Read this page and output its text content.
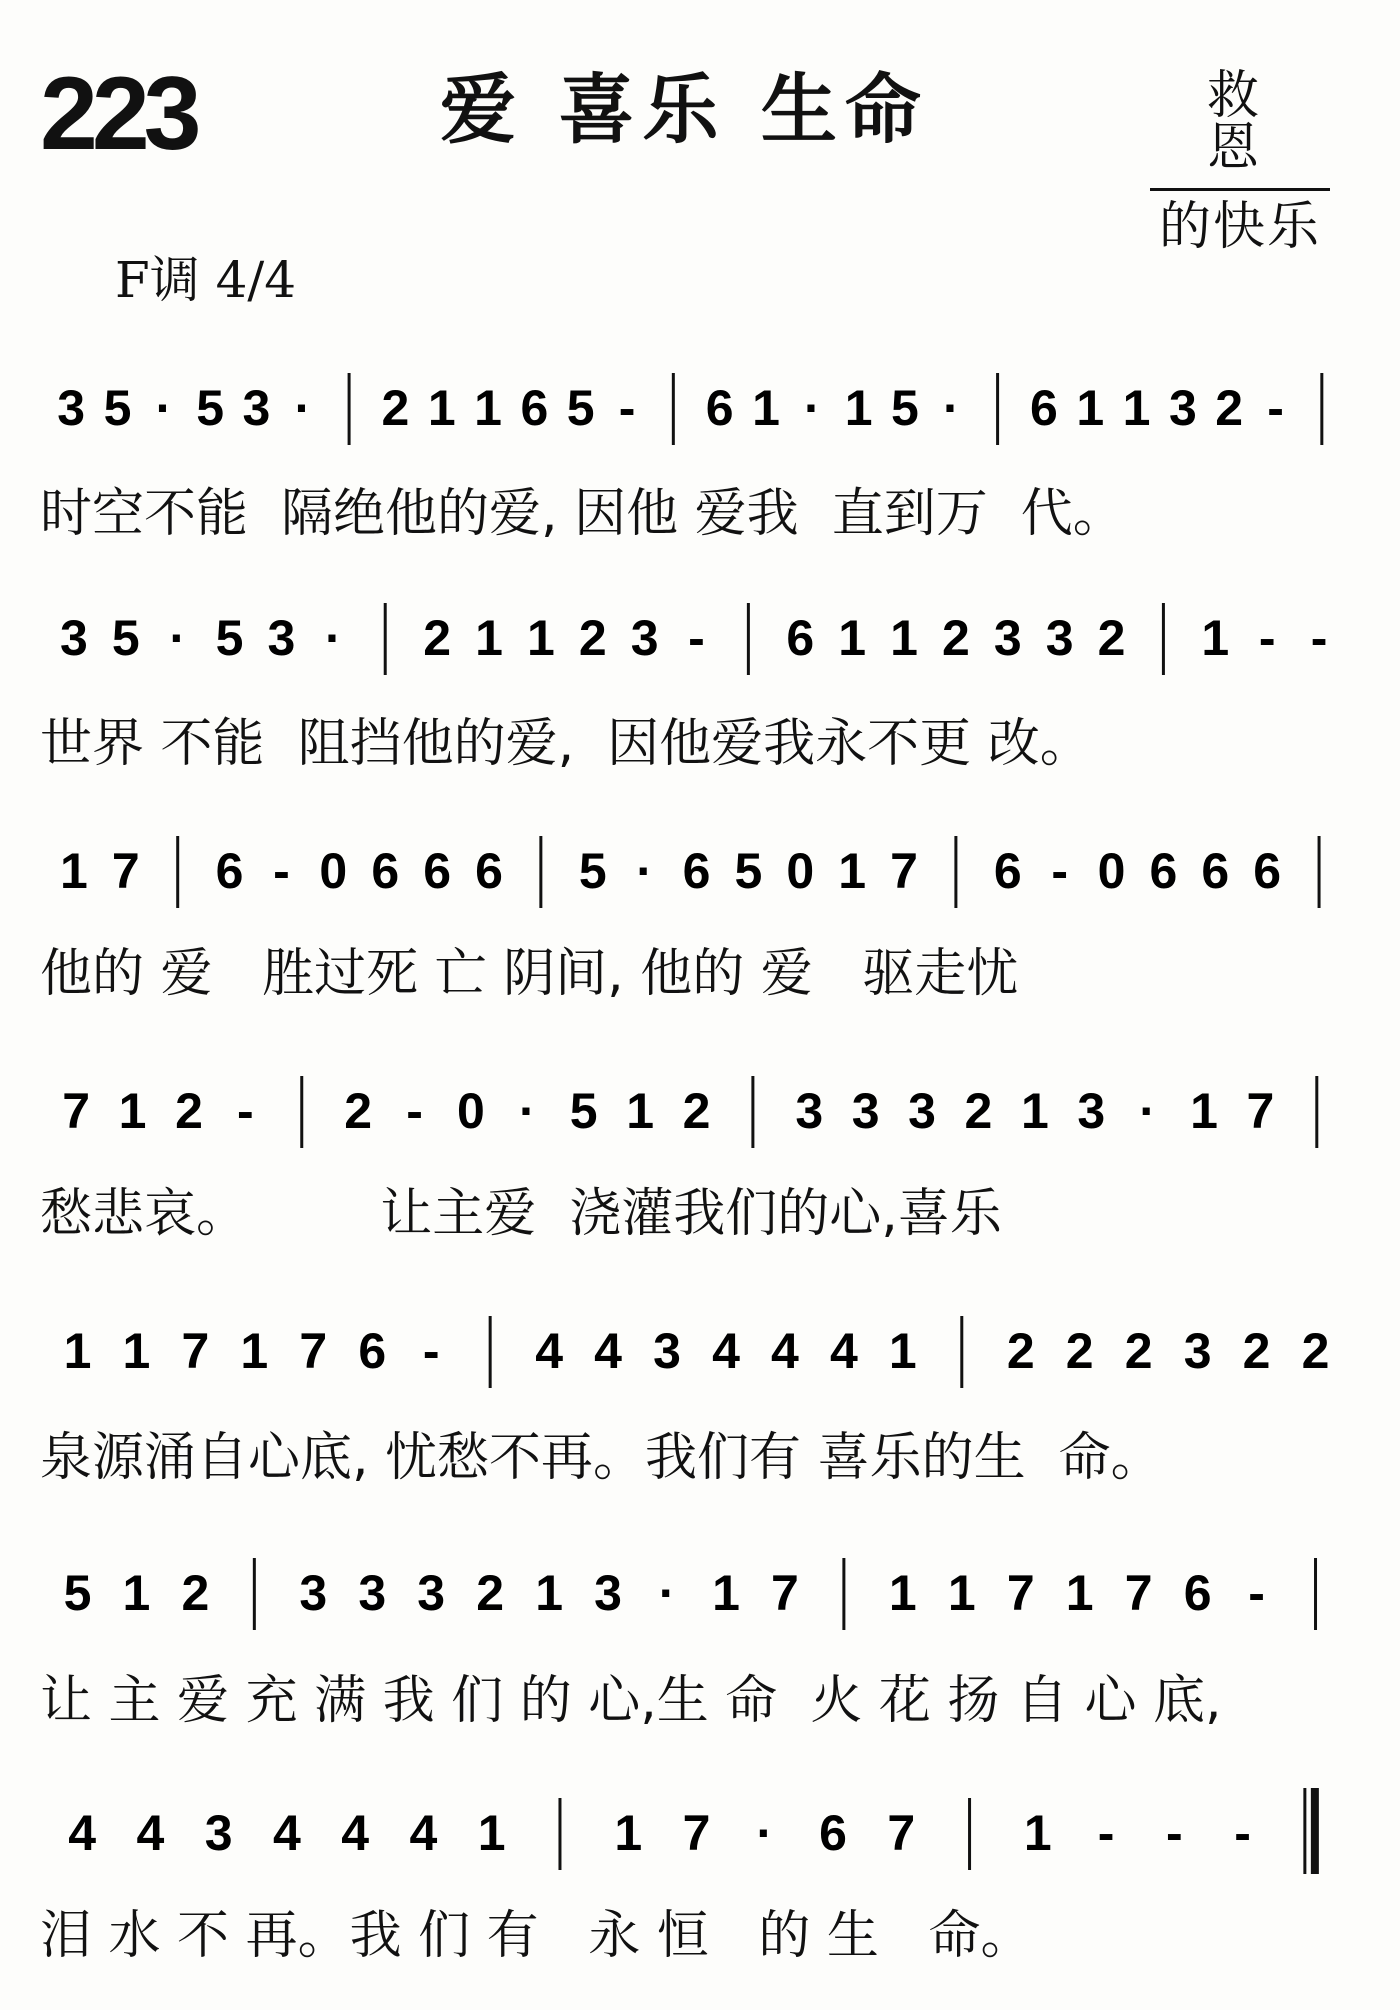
223	爱 喜乐 生命	救恩
的快乐
F调 4/4
3 5 · 5 3 · 2 1 1 6 5 - 6 1 · 1 5 · 6 1 1 3 2 -
3 5 · 5 3 · 2 1 1 2 3 - 6 1 1 2 3 3 2 1 - -
1 7 6 - 0 6 6 6 5 · 6 5 0 1 7 6 - 0 6 6 6
7 1 2 - 2 - 0 · 5 1 2 3 3 3 2 1 3 · 1 7
1 1 7 1 7 6 - 4 4 3 4 4 4 1 2 2 2 3 2 2
5 1 2 3 3 3 2 1 3 · 1 7 1 1 7 1 7 6 -
4 4 3 4 4 4 1 1 7 · 6 7 1 - - -
时空不能  隔绝他的爱, 因他 爱我  直到万  代。
世界 不能  阻挡他的爱,  因他爱我永不更 改。
他的 爱   胜过死 亡 阴间, 他的 爱   驱走忧
愁悲哀。        让主爱  浇灌我们的心,喜乐
泉源涌自心底, 忧愁不再。我们有 喜乐的生  命。
让 主 爱 充 满 我 们 的 心,生 命  火 花 扬 自 心 底,
泪 水 不 再。我 们 有   永 恒   的 生   命。
